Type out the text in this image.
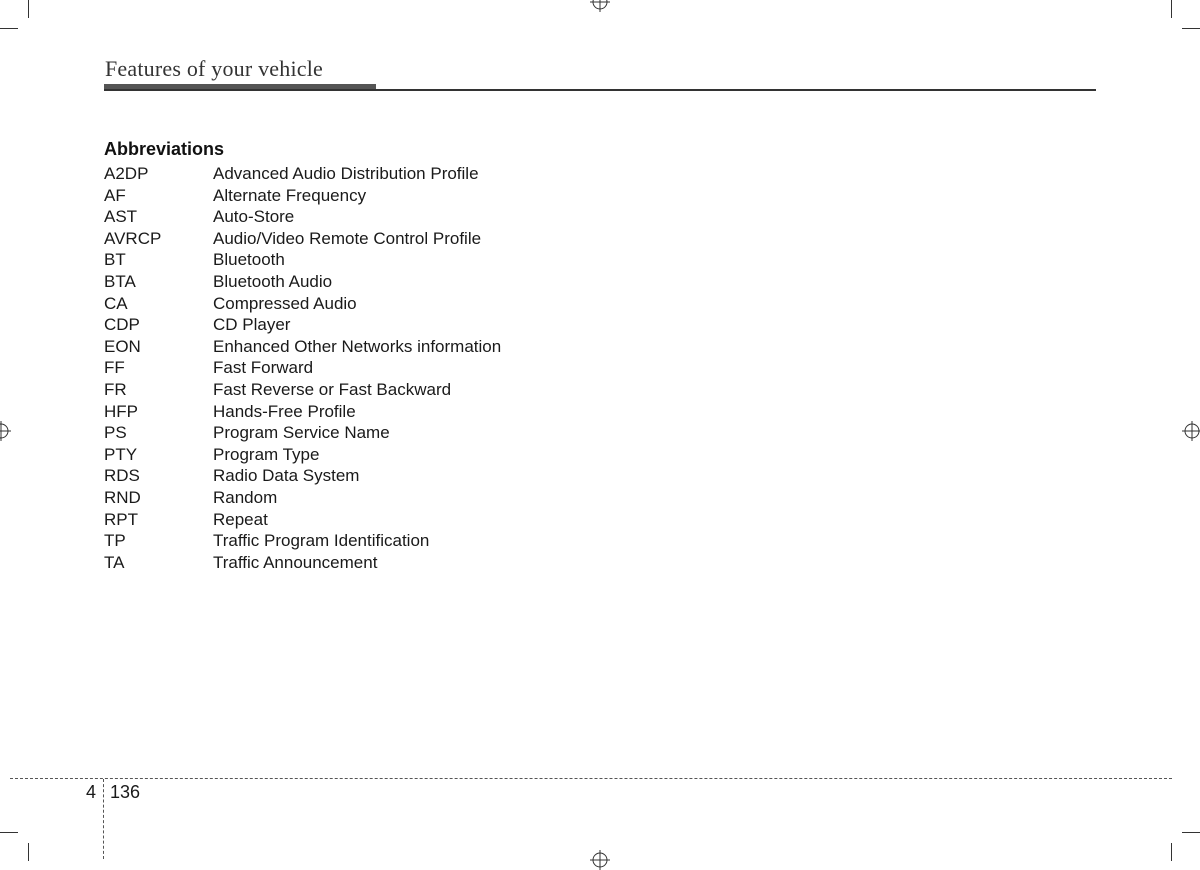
Features of your vehicle
Abbreviations
A2DP	Advanced Audio Distribution Profile
AF	Alternate Frequency
AST	Auto-Store
AVRCP	Audio/Video Remote Control Profile
BT	Bluetooth
BTA	Bluetooth Audio
CA	Compressed Audio
CDP	CD Player
EON	Enhanced Other Networks information
FF	Fast Forward
FR	Fast Reverse or Fast Backward
HFP	Hands-Free Profile
PS	Program Service Name
PTY	Program Type
RDS	Radio Data System
RND	Random
RPT	Repeat
TP	Traffic Program Identification
TA	Traffic Announcement
4 136
